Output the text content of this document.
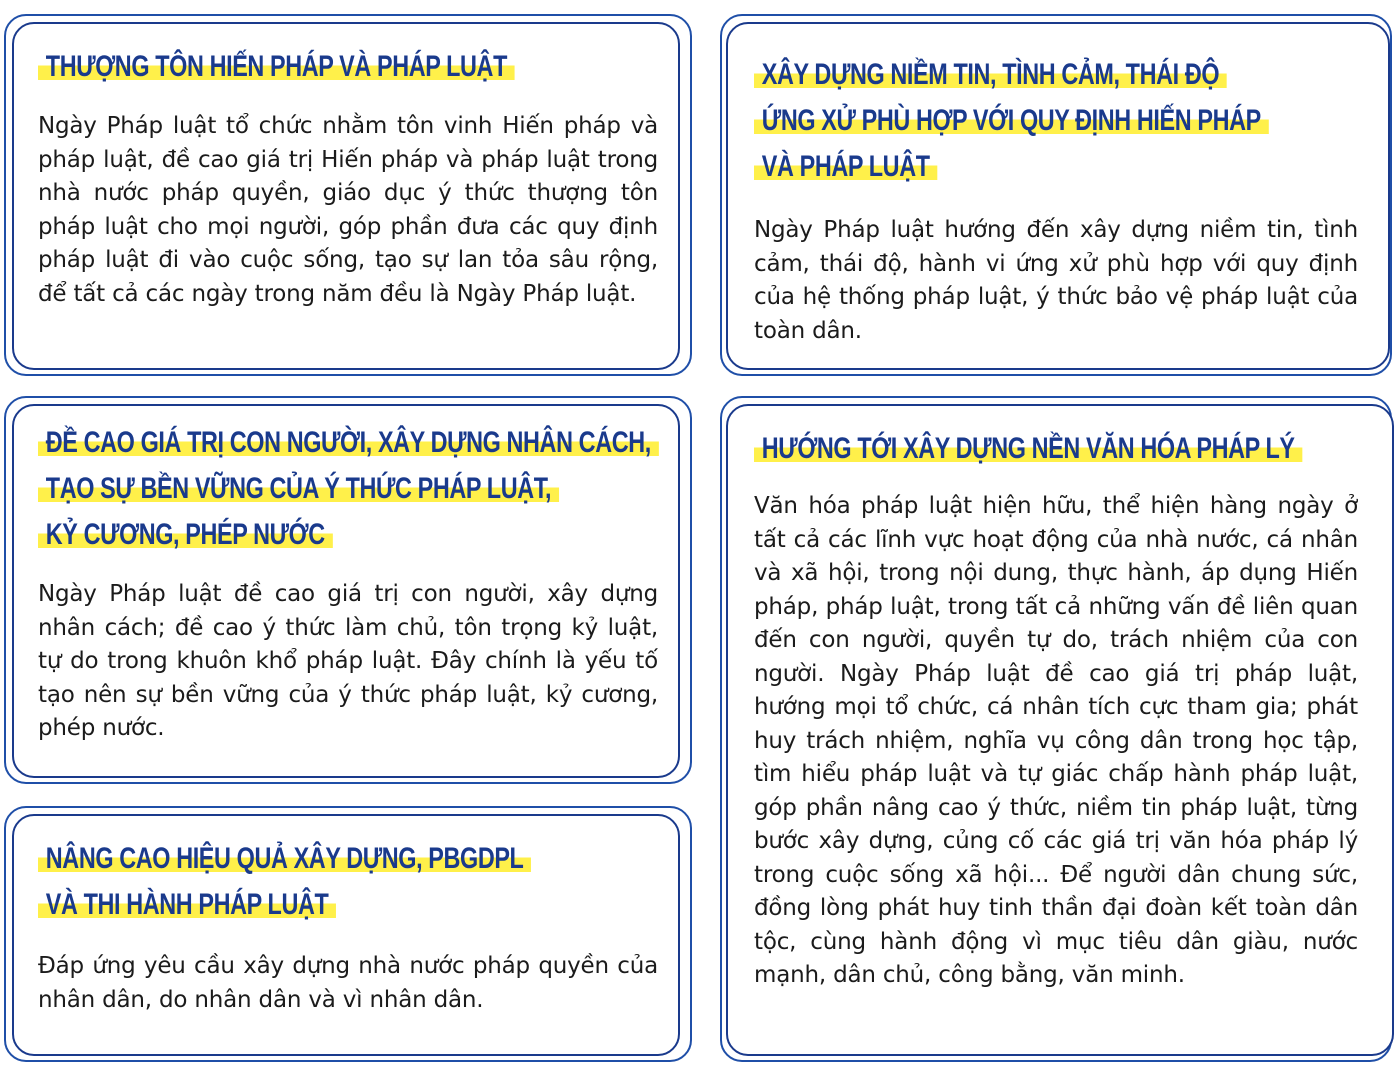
THƯỢNG TÔN HIẾN PHÁP VÀ PHÁP LUẬT
Ngày Pháp luật tổ chức nhằm tôn vinh Hiến pháp và pháp luật, đề cao giá trị Hiến pháp và pháp luật trong nhà nước pháp quyền, giáo dục ý thức thượng tôn pháp luật cho mọi người, góp phần đưa các quy định pháp luật đi vào cuộc sống, tạo sự lan tỏa sâu rộng, để tất cả các ngày trong năm đều là Ngày Pháp luật.
XÂY DỰNG NIỀM TIN, TÌNH CẢM, THÁI ĐỘ
ỨNG XỬ PHÙ HỢP VỚI QUY ĐỊNH HIẾN PHÁP
VÀ PHÁP LUẬT
Ngày Pháp luật hướng đến xây dựng niềm tin, tình cảm, thái độ, hành vi ứng xử phù hợp với quy định của hệ thống pháp luật, ý thức bảo vệ pháp luật của toàn dân.
ĐỀ CAO GIÁ TRỊ CON NGƯỜI, XÂY DỰNG NHÂN CÁCH,
TẠO SỰ BỀN VỮNG CỦA Ý THỨC PHÁP LUẬT,
KỶ CƯƠNG, PHÉP NƯỚC
Ngày Pháp luật đề cao giá trị con người, xây dựng nhân cách; đề cao ý thức làm chủ, tôn trọng kỷ luật, tự do trong khuôn khổ pháp luật. Đây chính là yếu tố tạo nên sự bền vững của ý thức pháp luật, kỷ cương, phép nước.
HƯỚNG TỚI XÂY DỰNG NỀN VĂN HÓA PHÁP LÝ
Văn hóa pháp luật hiện hữu, thể hiện hàng ngày ở tất cả các lĩnh vực hoạt động của nhà nước, cá nhân và xã hội, trong nội dung, thực hành, áp dụng Hiến pháp, pháp luật, trong tất cả những vấn đề liên quan đến con người, quyền tự do, trách nhiệm của con người. Ngày Pháp luật đề cao giá trị pháp luật, hướng mọi tổ chức, cá nhân tích cực tham gia; phát huy trách nhiệm, nghĩa vụ công dân trong học tập, tìm hiểu pháp luật và tự giác chấp hành pháp luật, góp phần nâng cao ý thức, niềm tin pháp luật, từng bước xây dựng, củng cố các giá trị văn hóa pháp lý trong cuộc sống xã hội... Để người dân chung sức, đồng lòng phát huy tinh thần đại đoàn kết toàn dân tộc, cùng hành động vì mục tiêu dân giàu, nước mạnh, dân chủ, công bằng, văn minh.
NÂNG CAO HIỆU QUẢ XÂY DỰNG, PBGDPL
VÀ THI HÀNH PHÁP LUẬT
Đáp ứng yêu cầu xây dựng nhà nước pháp quyền của nhân dân, do nhân dân và vì nhân dân.
